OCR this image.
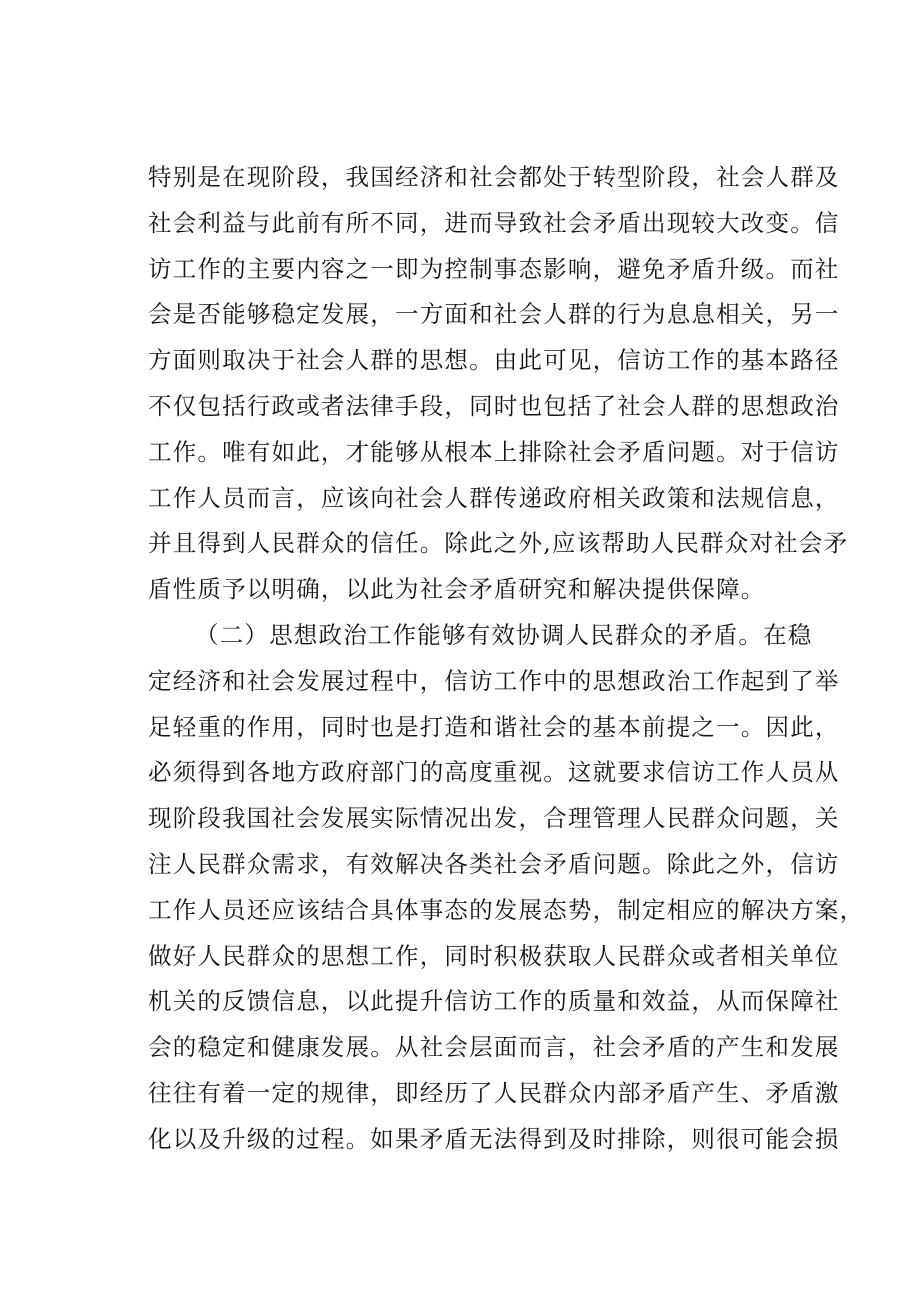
特别是在现阶段，我国经济和社会都处于转型阶段，社会人群及
社会利益与此前有所不同，进而导致社会矛盾出现较大改变。信
访工作的主要内容之一即为控制事态影响，避免矛盾升级。而社
会是否能够稳定发展，一方面和社会人群的行为息息相关，另一
方面则取决于社会人群的思想。由此可见，信访工作的基本路径
不仅包括行政或者法律手段，同时也包括了社会人群的思想政治
工作。唯有如此，才能够从根本上排除社会矛盾问题。对于信访
工作人员而言，应该向社会人群传递政府相关政策和法规信息，
并且得到人民群众的信任。除此之外,应该帮助人民群众对社会矛
盾性质予以明确，以此为社会矛盾研究和解决提供保障。
（二）思想政治工作能够有效协调人民群众的矛盾。在稳
定经济和社会发展过程中，信访工作中的思想政治工作起到了举
足轻重的作用，同时也是打造和谐社会的基本前提之一。因此，
必须得到各地方政府部门的高度重视。这就要求信访工作人员从
现阶段我国社会发展实际情况出发，合理管理人民群众问题，关
注人民群众需求，有效解决各类社会矛盾问题。除此之外，信访
工作人员还应该结合具体事态的发展态势，制定相应的解决方案，
做好人民群众的思想工作，同时积极获取人民群众或者相关单位
机关的反馈信息，以此提升信访工作的质量和效益，从而保障社
会的稳定和健康发展。从社会层面而言，社会矛盾的产生和发展
往往有着一定的规律，即经历了人民群众内部矛盾产生、矛盾激
化以及升级的过程。如果矛盾无法得到及时排除，则很可能会损
